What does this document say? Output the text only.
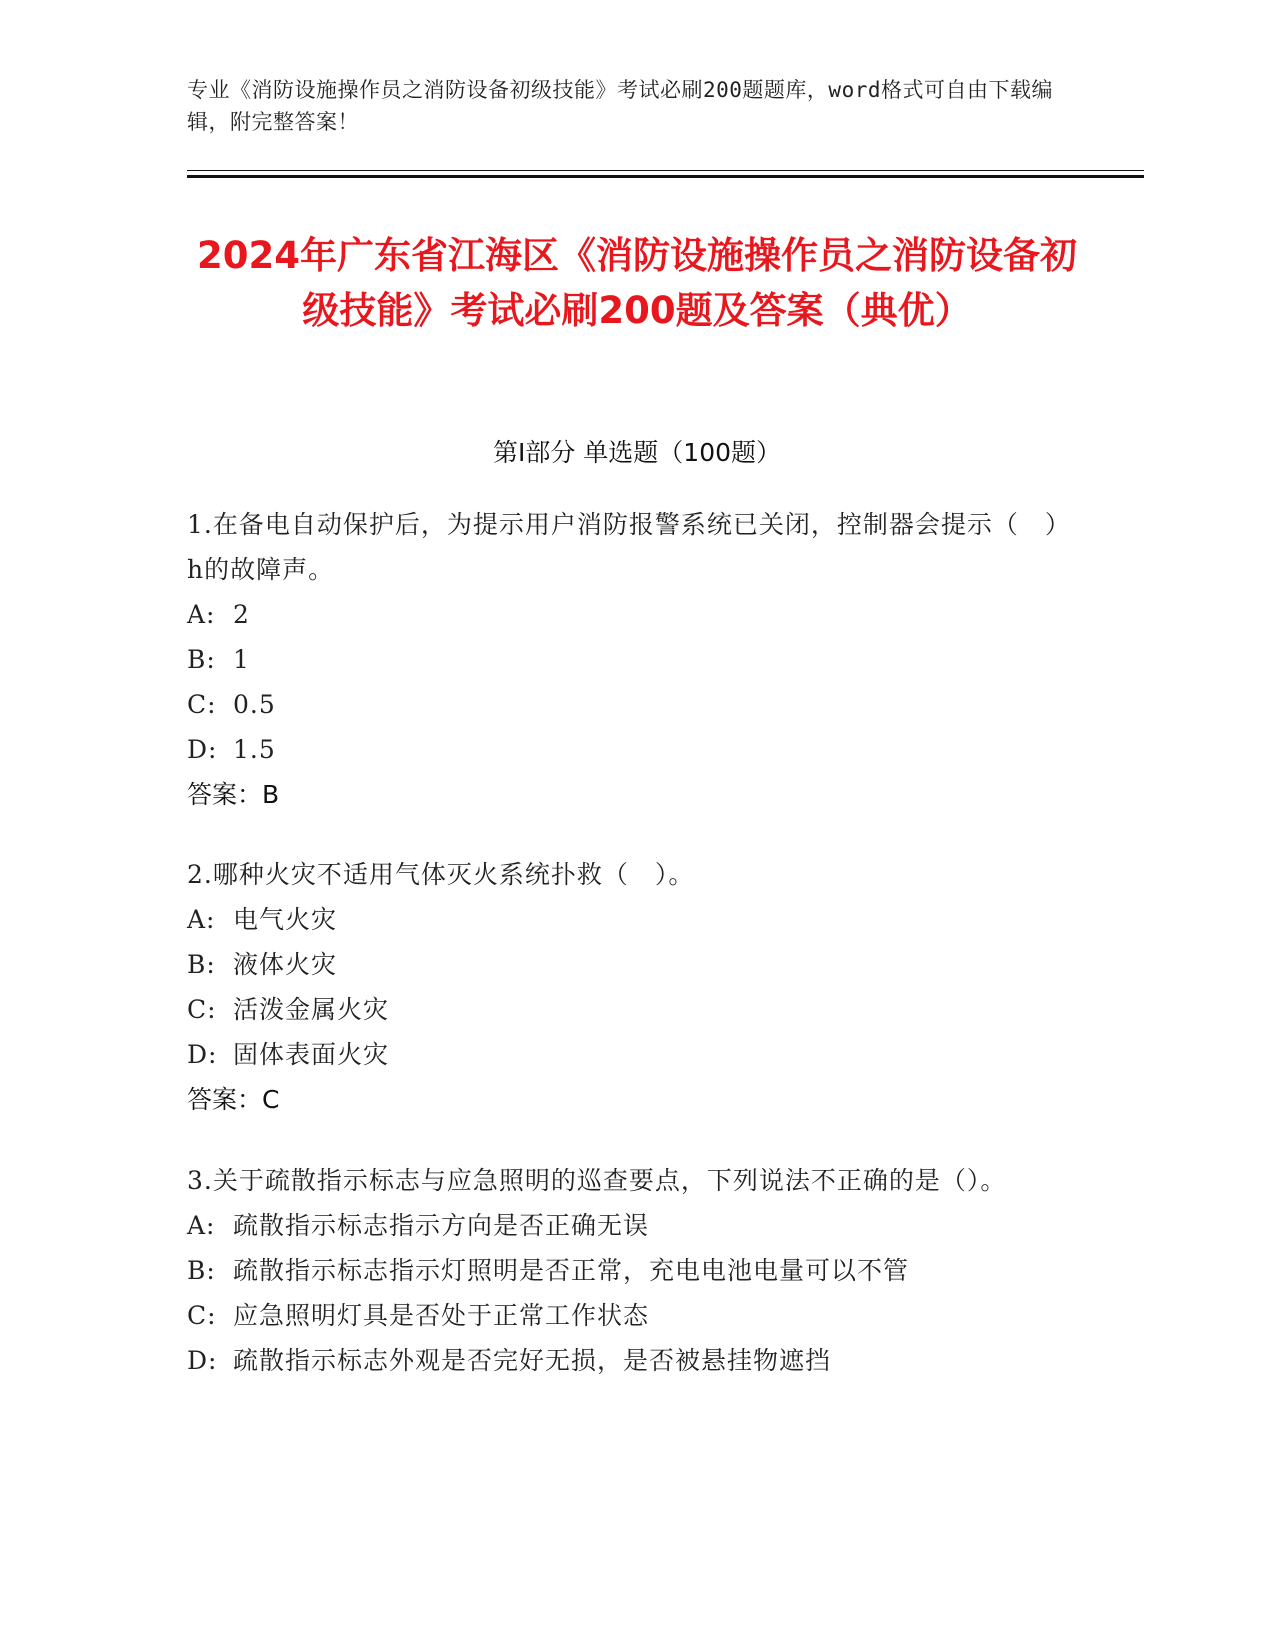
专业《消防设施操作员之消防设备初级技能》考试必刷200题题库，word格式可自由下载编辑，附完整答案！
2024年广东省江海区《消防设施操作员之消防设备初级技能》考试必刷200题及答案（典优）
第I部分 单选题（100题）
1.在备电自动保护后，为提示用户消防报警系统已关闭，控制器会提示（　）h的故障声。
A: 2
B: 1
C: 0.5
D: 1.5
答案：B
2.哪种火灾不适用气体灭火系统扑救（　）。
A: 电气火灾
B: 液体火灾
C: 活泼金属火灾
D: 固体表面火灾
答案：C
3.关于疏散指示标志与应急照明的巡查要点，下列说法不正确的是（）。
A: 疏散指示标志指示方向是否正确无误
B: 疏散指示标志指示灯照明是否正常，充电电池电量可以不管
C: 应急照明灯具是否处于正常工作状态
D: 疏散指示标志外观是否完好无损，是否被悬挂物遮挡
